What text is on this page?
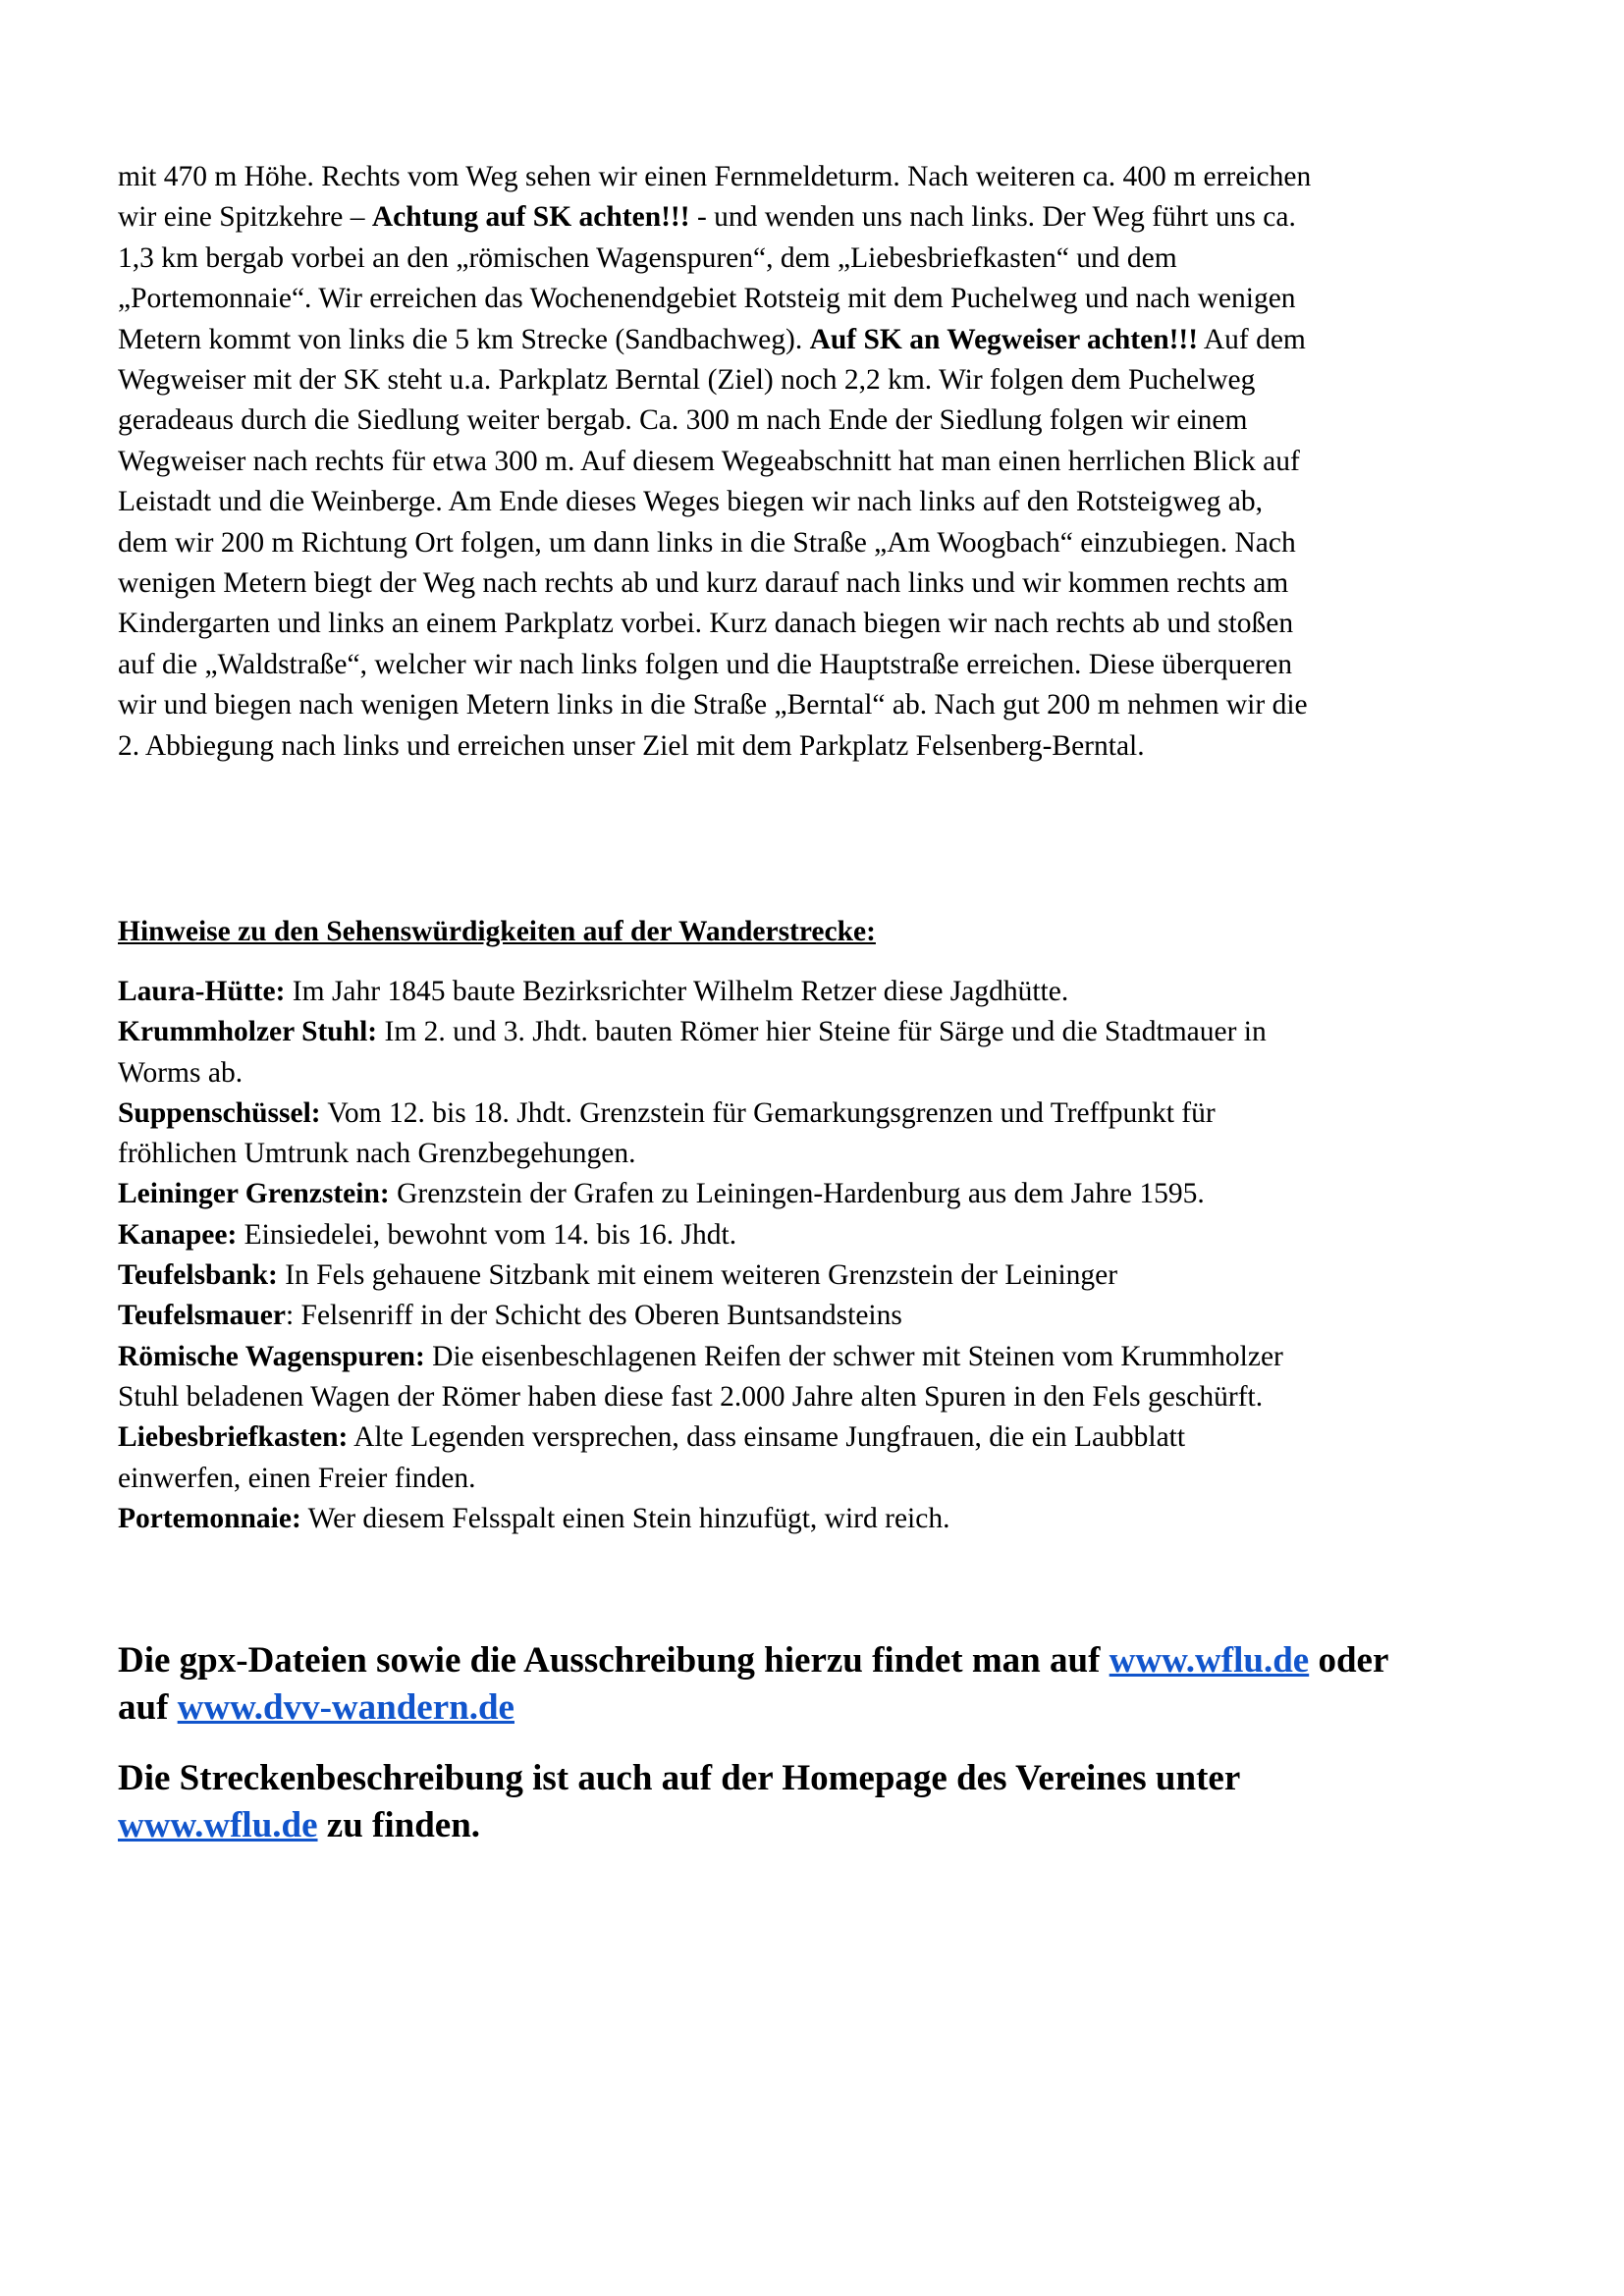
mit 470 m Höhe. Rechts vom Weg sehen wir einen Fernmeldeturm. Nach weiteren ca. 400 m erreichen
wir eine Spitzkehre – Achtung auf SK achten!!! - und wenden uns nach links. Der Weg führt uns ca.
1,3 km bergab vorbei an den „römischen Wagenspuren“, dem „Liebesbriefkasten“ und dem
„Portemonnaie“. Wir erreichen das Wochenendgebiet Rotsteig mit dem Puchelweg und nach wenigen
Metern kommt von links die 5 km Strecke (Sandbachweg). Auf SK an Wegweiser achten!!! Auf dem
Wegweiser mit der SK steht u.a. Parkplatz Berntal (Ziel) noch 2,2 km. Wir folgen dem Puchelweg
geradeaus durch die Siedlung weiter bergab. Ca. 300 m nach Ende der Siedlung folgen wir einem
Wegweiser nach rechts für etwa 300 m. Auf diesem Wegeabschnitt hat man einen herrlichen Blick auf
Leistadt und die Weinberge. Am Ende dieses Weges biegen wir nach links auf den Rotsteigweg ab,
dem wir 200 m Richtung Ort folgen, um dann links in die Straße „Am Woogbach“ einzubiegen. Nach
wenigen Metern biegt der Weg nach rechts ab und kurz darauf nach links und wir kommen rechts am
Kindergarten und links an einem Parkplatz vorbei. Kurz danach biegen wir nach rechts ab und stoßen
auf die „Waldstraße“, welcher wir nach links folgen und die Hauptstraße erreichen. Diese überqueren
wir und biegen nach wenigen Metern links in die Straße „Berntal“ ab. Nach gut 200 m nehmen wir die
2. Abbiegung nach links und erreichen unser Ziel mit dem Parkplatz Felsenberg-Berntal.

Hinweise zu den Sehenswürdigkeiten auf der Wanderstrecke:

Laura-Hütte: Im Jahr 1845 baute Bezirksrichter Wilhelm Retzer diese Jagdhütte.
Krummholzer Stuhl: Im 2. und 3. Jhdt. bauten Römer hier Steine für Särge und die Stadtmauer in
Worms ab.
Suppenschüssel: Vom 12. bis 18. Jhdt. Grenzstein für Gemarkungsgrenzen und Treffpunkt für
fröhlichen Umtrunk nach Grenzbegehungen.
Leininger Grenzstein: Grenzstein der Grafen zu Leiningen-Hardenburg aus dem Jahre 1595.
Kanapee: Einsiedelei, bewohnt vom 14. bis 16. Jhdt.
Teufelsbank: In Fels gehauene Sitzbank mit einem weiteren Grenzstein der Leininger
Teufelsmauer: Felsenriff in der Schicht des Oberen Buntsandsteins
Römische Wagenspuren: Die eisenbeschlagenen Reifen der schwer mit Steinen vom Krummholzer
Stuhl beladenen Wagen der Römer haben diese fast 2.000 Jahre alten Spuren in den Fels geschürft.
Liebesbriefkasten: Alte Legenden versprechen, dass einsame Jungfrauen, die ein Laubblatt
einwerfen, einen Freier finden.
Portemonnaie: Wer diesem Felsspalt einen Stein hinzufügt, wird reich.

Die gpx-Dateien sowie die Ausschreibung hierzu findet man auf www.wflu.de oder
auf www.dvv-wandern.de
Die Streckenbeschreibung ist auch auf der Homepage des Vereines unter
www.wflu.de zu finden.
